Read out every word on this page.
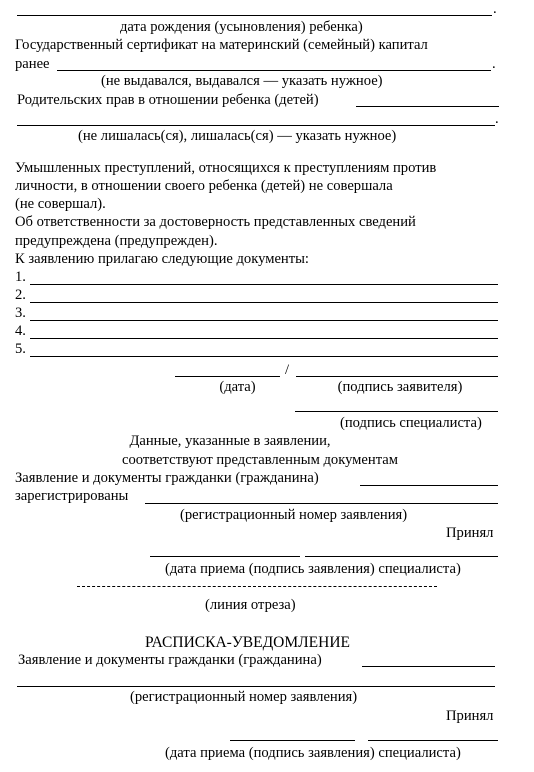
.
дата рождения (усыновления) ребенка)
Государственный сертификат на материнский (семейный) капитал
ранее	.
(не выдавался, выдавался — указать нужное)
Родительских прав в отношении ребенка (детей)
.
(не лишалась(ся), лишалась(ся) — указать нужное)
Умышленных преступлений, относящихся к преступлениям против
личности, в отношении своего ребенка (детей) не совершала
(не совершал).
Об ответственности за достоверность представленных сведений
предупреждена (предупрежден).
К заявлению прилагаю следующие документы:
1.
2.
3.
4.
5.
/
(дата)	(подпись заявителя)
(подпись специалиста)
Данные, указанные в заявлении,
соответствуют представленным документам
Заявление и документы гражданки (гражданина)
зарегистрированы
(регистрационный номер заявления)
Принял
(дата приема (подпись заявления) специалиста)
(линия отреза)
РАСПИСКА-УВЕДОМЛЕНИЕ
Заявление и документы гражданки (гражданина)
(регистрационный номер заявления)
Принял
(дата приема (подпись заявления) специалиста)
